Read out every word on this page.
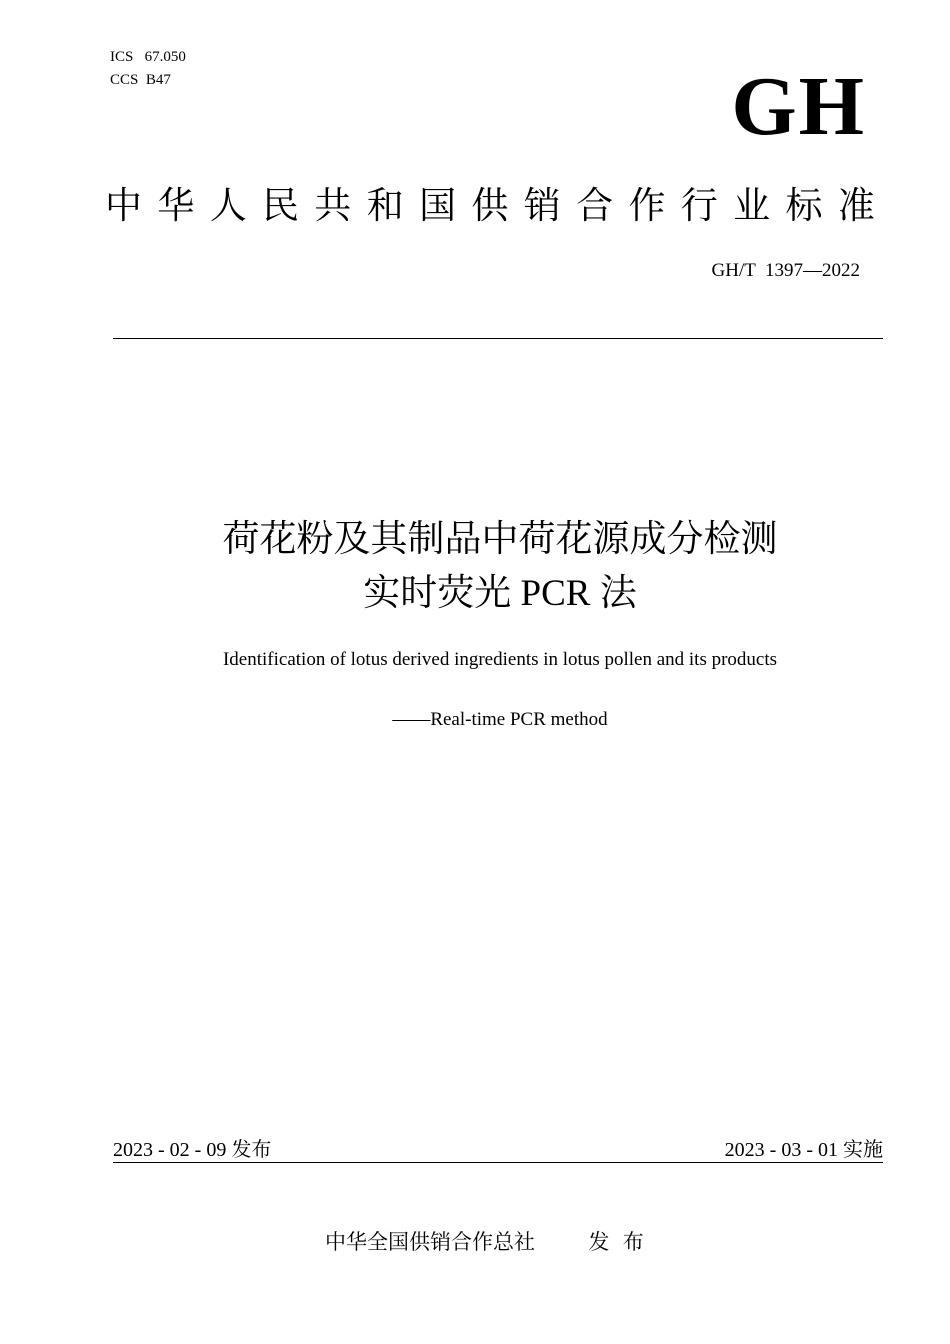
ICS 67.050
CCS B47	GH
中 华 人 民 共 和 国 供 销 合 作 行 业 标 准
GH/T  1397—2022
荷花粉及其制品中荷花源成分检测
实时荧光 PCR 法
Identification of lotus derived ingredients in lotus pollen and its products
——Real-time PCR method
2023 - 02 - 09 发布	2023 - 03 - 01 实施
中华全国供销合作总社	发  布
